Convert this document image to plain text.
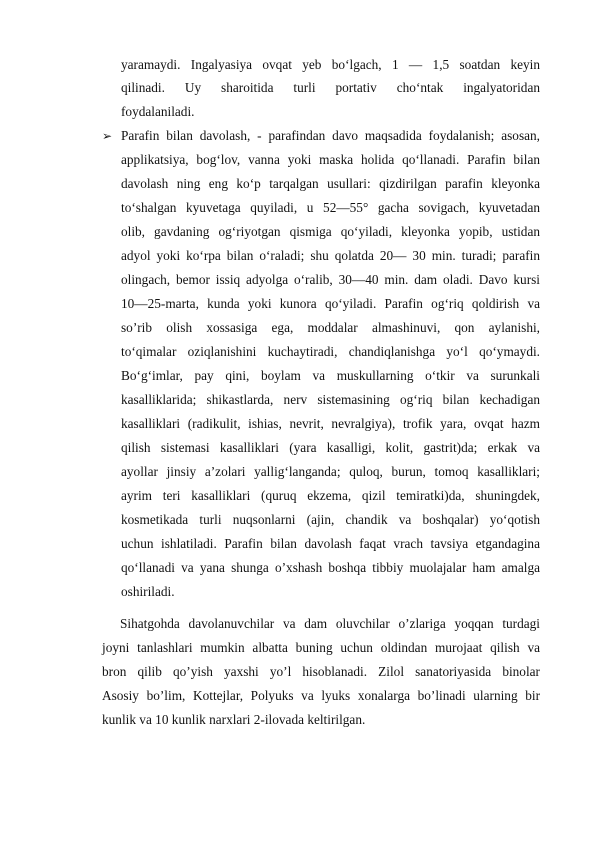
yaramaydi. Ingalyasiya ovqat yeb bo‘lgach, 1 — 1,5 soatdan keyin
qilinadi. Uy sharoitida turli portativ cho‘ntak ingalyatoridan
foydalaniladi.
➢ Parafin bilan davolash, - parafindan davo maqsadida foydalanish; asosan,
applikatsiya, bog‘lov, vanna yoki maska holida qo‘llanadi. Parafin bilan
davolash ning eng ko‘p tarqalgan usullari: qizdirilgan parafin kleyonka
to‘shalgan kyuvetaga quyiladi, u 52—55° gacha sovigach, kyuvetadan
olib, gavdaning og‘riyotgan qismiga qo‘yiladi, kleyonka yopib, ustidan
adyol yoki ko‘rpa bilan o‘raladi; shu qolatda 20— 30 min. turadi; parafin
olingach, bemor issiq adyolga o‘ralib, 30—40 min. dam oladi. Davo kursi
10—25-marta, kunda yoki kunora qo‘yiladi. Parafin og‘riq qoldirish va
so’rib olish xossasiga ega, moddalar almashinuvi, qon aylanishi,
to‘qimalar oziqlanishini kuchaytiradi, chandiqlanishga yo‘l qo‘ymaydi.
Bo‘g‘imlar, pay qini, boylam va muskullarning o‘tkir va surunkali
kasalliklarida; shikastlarda, nerv sistemasining og‘riq bilan kechadigan
kasalliklari (radikulit, ishias, nevrit, nevralgiya), trofik yara, ovqat hazm
qilish sistemasi kasalliklari (yara kasalligi, kolit, gastrit)da; erkak va
ayollar jinsiy a’zolari yallig‘langanda; quloq, burun, tomoq kasalliklari;
ayrim teri kasalliklari (quruq ekzema, qizil temiratki)da, shuningdek,
kosmetikada turli nuqsonlarni (ajin, chandik va boshqalar) yo‘qotish
uchun ishlatiladi. Parafin bilan davolash faqat vrach tavsiya etgandagina
qo‘llanadi va yana shunga o’xshash boshqa tibbiy muolajalar ham amalga
oshiriladi.
Sihatgohda davolanuvchilar va dam oluvchilar o’zlariga yoqqan turdagi
joyni tanlashlari mumkin albatta buning uchun oldindan murojaat qilish va
bron qilib qo’yish yaxshi yo’l hisoblanadi. Zilol sanatoriyasida binolar
Asosiy bo’lim, Kottejlar, Polyuks va lyuks xonalarga bo’linadi ularning bir
kunlik va 10 kunlik narxlari 2-ilovada keltirilgan.
